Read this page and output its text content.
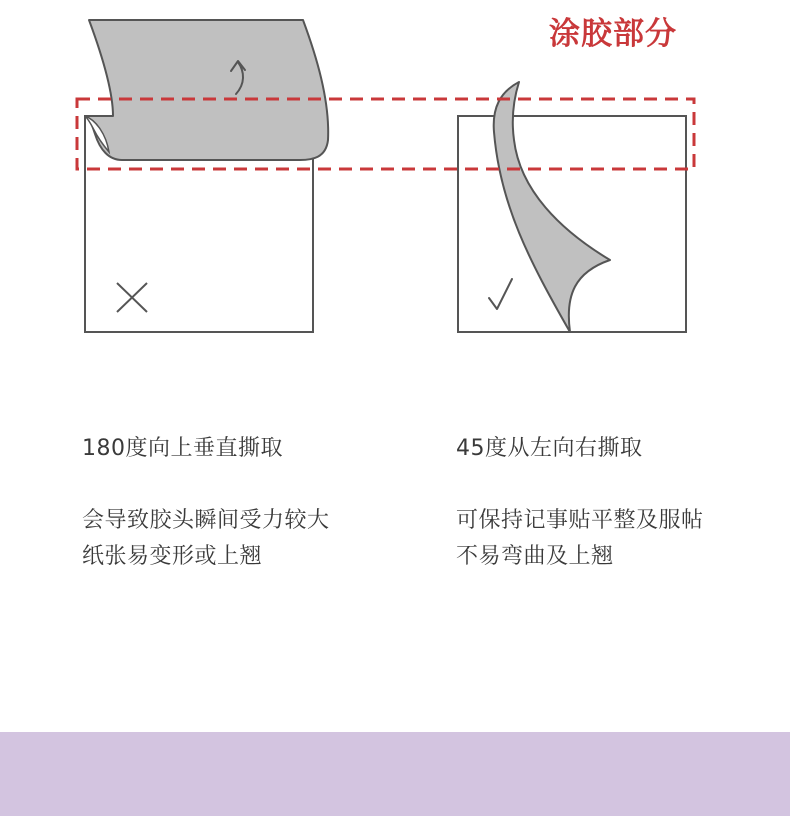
涂胶部分
180度向上垂直撕取	45度从左向右撕取
会导致胶头瞬间受力较大
纸张易变形或上翘
可保持记事贴平整及服帖
不易弯曲及上翘
